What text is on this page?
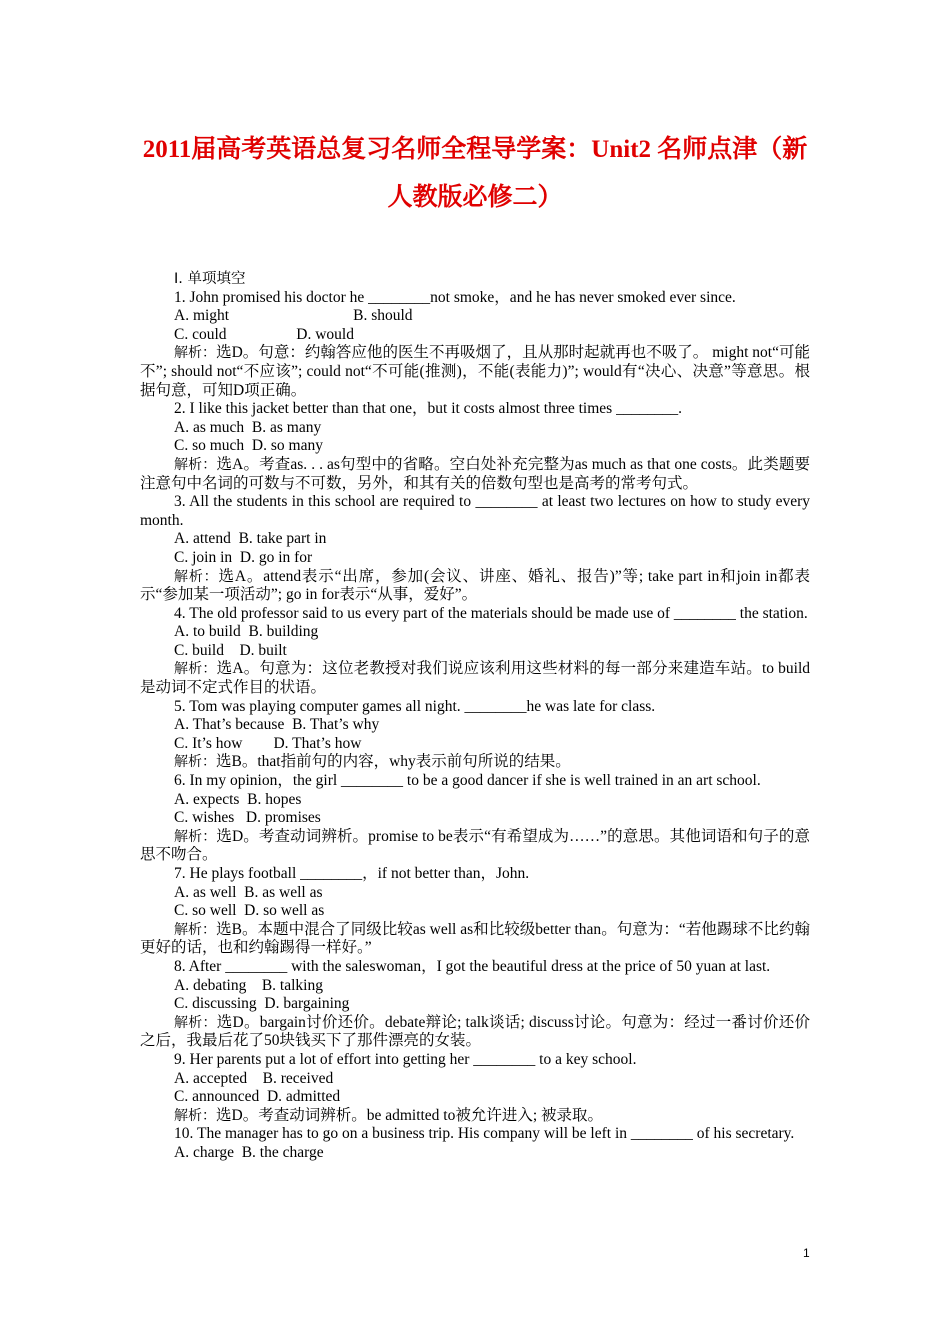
2011届高考英语总复习名师全程导学案：Unit2 名师点津（新
人教版必修二）

Ⅰ. 单项填空

1. John promised his doctor he ________not smoke，and he has never smoked ever since.

A. might                                B. should

C. could                  D. would

解析：选D。句意：约翰答应他的医生不再吸烟了，且从那时起就再也不吸了。 might not“可能不”; should not“不应该”; could not“不可能(推测)，不能(表能力)”; would有“决心、决意”等意思。根据句意，可知D项正确。

2. I like this jacket better than that one，but it costs almost three times ________.

A. as much  B. as many

C. so much  D. so many

解析：选A。考查as. . . as句型中的省略。空白处补充完整为as much as that one costs。此类题要注意句中名词的可数与不可数，另外，和其有关的倍数句型也是高考的常考句式。

3. All the students in this school are required to ________ at least two lectures on how to study every month.

A. attend  B. take part in

C. join in  D. go in for

解析：选A。attend表示“出席，参加(会议、讲座、婚礼、报告)”等; take part in和join in都表示“参加某一项活动”; go in for表示“从事，爱好”。

4. The old professor said to us every part of the materials should be made use of ________ the station.

A. to build  B. building

C. build    D. built

解析：选A。句意为：这位老教授对我们说应该利用这些材料的每一部分来建造车站。to build是动词不定式作目的状语。

5. Tom was playing computer games all night. ________he was late for class.

A. That’s because  B. That’s why

C. It’s how        D. That’s how

解析：选B。that指前句的内容，why表示前句所说的结果。

6. In my opinion，the girl ________ to be a good dancer if she is well trained in an art school.

A. expects  B. hopes

C. wishes   D. promises

解析：选D。考查动词辨析。promise to be表示“有希望成为……”的意思。其他词语和句子的意思不吻合。

7. He plays football ________，if not better than，John.

A. as well  B. as well as

C. so well  D. so well as

解析：选B。本题中混合了同级比较as well as和比较级better than。句意为：“若他踢球不比约翰更好的话，也和约翰踢得一样好。”

8. After ________ with the saleswoman，I got the beautiful dress at the price of 50 yuan at last.

A. debating    B. talking

C. discussing  D. bargaining

解析：选D。bargain讨价还价。debate辩论; talk谈话; discuss讨论。句意为：经过一番讨价还价之后，我最后花了50块钱买下了那件漂亮的女装。

9. Her parents put a lot of effort into getting her ________ to a key school.

A. accepted    B. received

C. announced  D. admitted

解析：选D。考查动词辨析。be admitted to被允许进入; 被录取。

10. The manager has to go on a business trip. His company will be left in ________ of his secretary.

A. charge  B. the charge

1
